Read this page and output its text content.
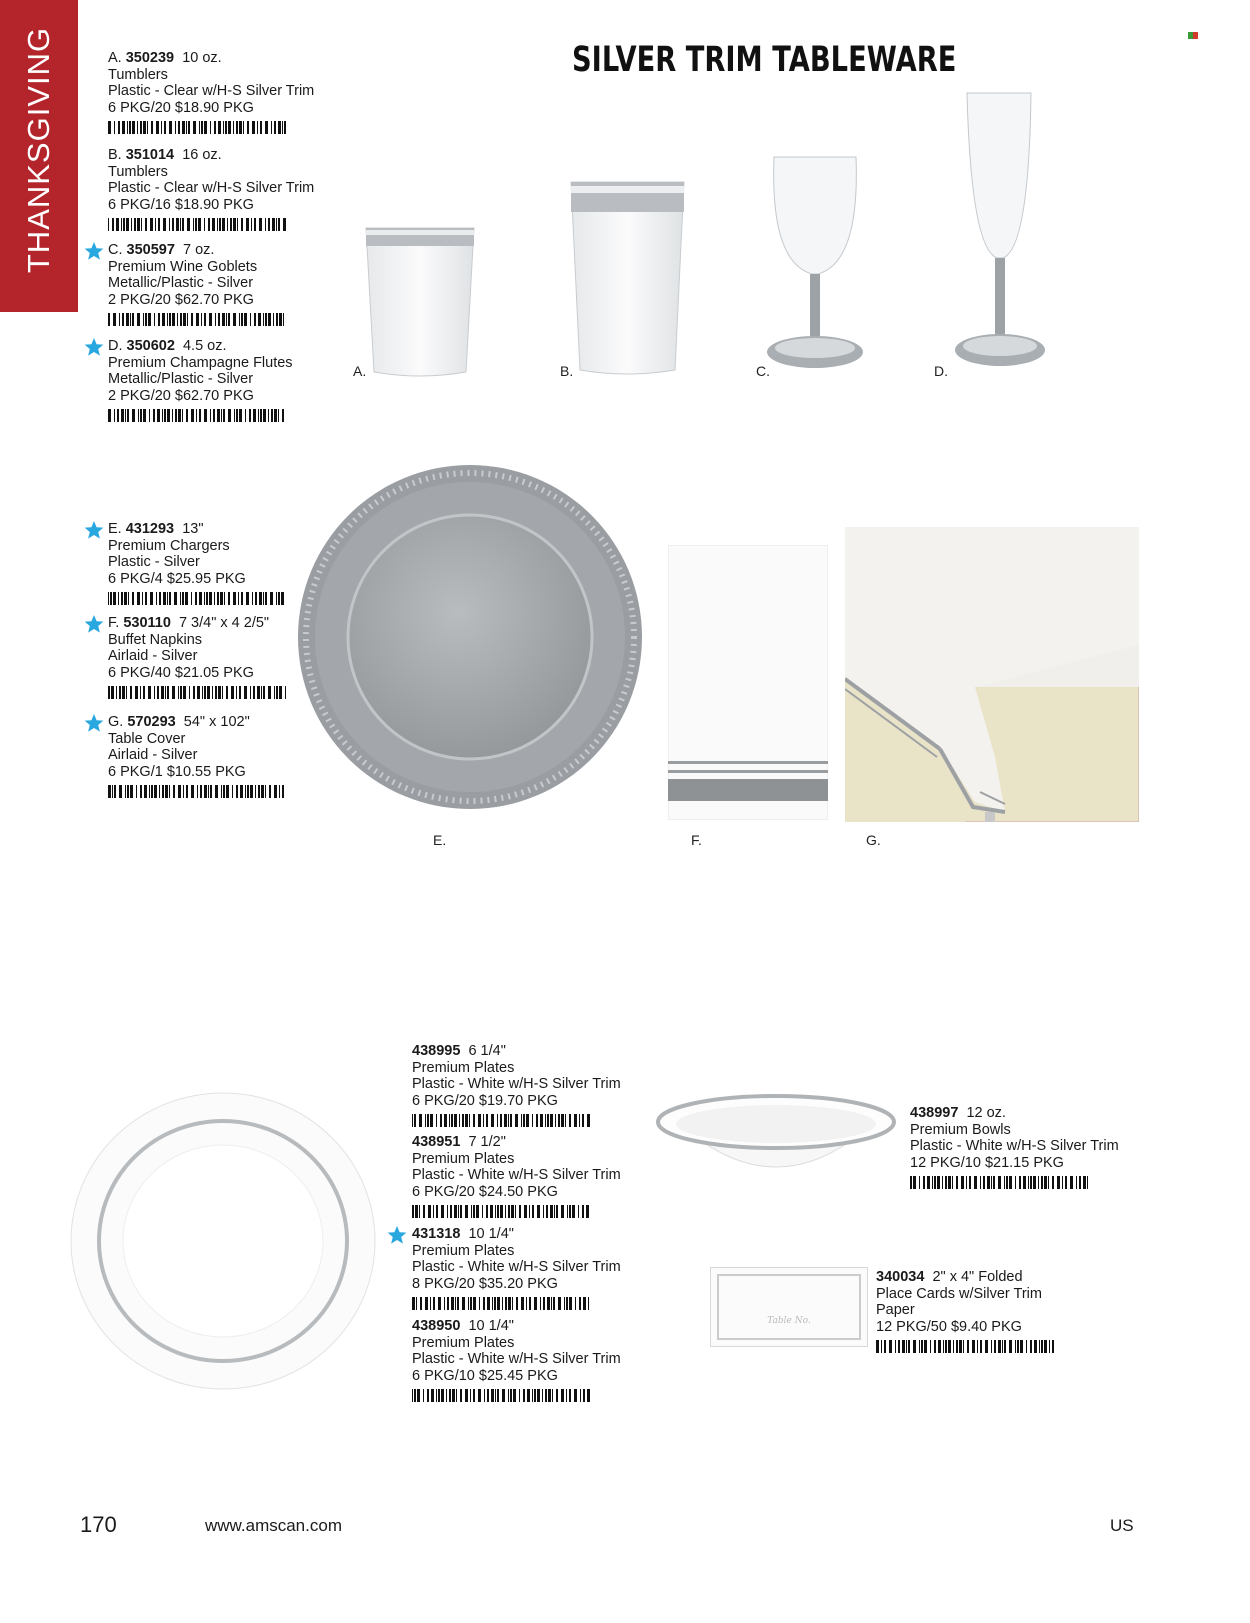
THANKSGIVING	SILVER TRIM TABLEWARE
A. 350239 10 oz.
Tumblers
Plastic - Clear w/H-S Silver Trim
6 PKG/20 $18.90 PKG
B. 351014 16 oz.
Tumblers
Plastic - Clear w/H-S Silver Trim
6 PKG/16 $18.90 PKG
C. 350597 7 oz.
Premium Wine Goblets
Metallic/Plastic - Silver
2 PKG/20 $62.70 PKG
D. 350602 4.5 oz.
Premium Champagne Flutes
Metallic/Plastic - Silver
2 PKG/20 $62.70 PKG
E. 431293 13"
Premium Chargers
Plastic - Silver
6 PKG/4 $25.95 PKG
F. 530110 7 3/4" x 4 2/5"
Buffet Napkins
Airlaid - Silver
6 PKG/40 $21.05 PKG
G. 570293 54" x 102"
Table Cover
Airlaid - Silver
6 PKG/1 $10.55 PKG
438995 6 1/4"
Premium Plates
Plastic - White w/H-S Silver Trim
6 PKG/20 $19.70 PKG
438951 7 1/2"
Premium Plates
Plastic - White w/H-S Silver Trim
6 PKG/20 $24.50 PKG
431318 10 1/4"
Premium Plates
Plastic - White w/H-S Silver Trim
8 PKG/20 $35.20 PKG
438950 10 1/4"
Premium Plates
Plastic - White w/H-S Silver Trim
6 PKG/10 $25.45 PKG
438997 12 oz.
Premium Bowls
Plastic - White w/H-S Silver Trim
12 PKG/10 $21.15 PKG
340034 2" x 4" Folded
Place Cards w/Silver Trim
Paper
12 PKG/50 $9.40 PKG
Table No.
A.	B.	C.	D.
E.	F.	G.
170	www.amscan.com	US
